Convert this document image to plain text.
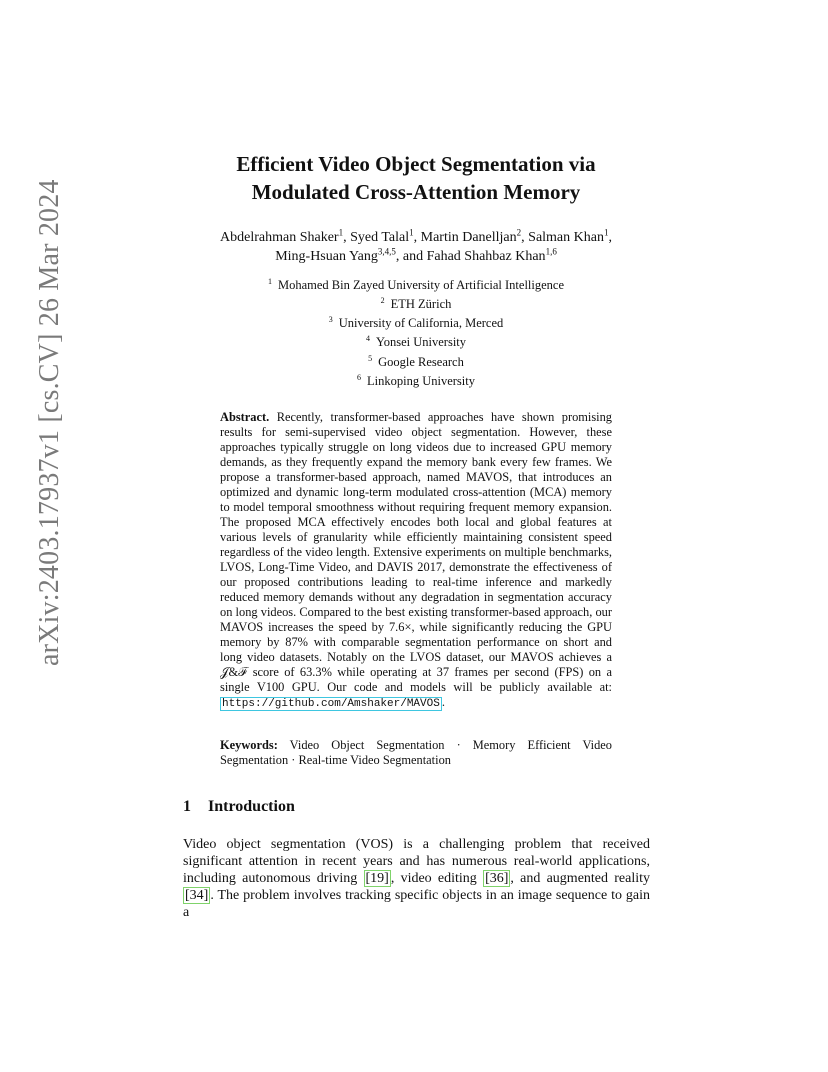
arXiv:2403.17937v1 [cs.CV] 26 Mar 2024
Efficient Video Object Segmentation via
Modulated Cross-Attention Memory
Abdelrahman Shaker$^1$, Syed Talal$^1$, Martin Danelljan$^2$, Salman Khan$^1$,
Ming-Hsuan Yang$^{3,4,5}$, and Fahad Shahbaz Khan$^{1,6}$
$^1$ Mohamed Bin Zayed University of Artificial Intelligence
$^2$ ETH Zürich
$^3$ University of California, Merced
$^4$ Yonsei University
$^5$ Google Research
$^6$ Linkoping University
Abstract. Recently, transformer-based approaches have shown promising results for semi-supervised video object segmentation. However, these approaches typically struggle on long videos due to increased GPU memory demands, as they frequently expand the memory bank every few frames. We propose a transformer-based approach, named MAVOS, that introduces an optimized and dynamic long-term modulated cross-attention (MCA) memory to model temporal smoothness without requiring frequent memory expansion. The proposed MCA effectively encodes both local and global features at various levels of granularity while efficiently maintaining consistent speed regardless of the video length. Extensive experiments on multiple benchmarks, LVOS, Long-Time Video, and DAVIS 2017, demonstrate the effectiveness of our proposed contributions leading to real-time inference and markedly reduced memory demands without any degradation in segmentation accuracy on long videos. Compared to the best existing transformer-based approach, our MAVOS increases the speed by 7.6×, while significantly reducing the GPU memory by 87% with comparable segmentation performance on short and long video datasets. Notably on the LVOS dataset, our MAVOS achieves a 𝒥&ℱ score of 63.3% while operating at 37 frames per second (FPS) on a single V100 GPU. Our code and models will be publicly available at: https://github.com/Amshaker/MAVOS .
Keywords: Video Object Segmentation · Memory Efficient Video Segmentation · Real-time Video Segmentation
1 Introduction
Video object segmentation (VOS) is a challenging problem that received significant attention in recent years and has numerous real-world applications, including autonomous driving [19] , video editing [36] , and augmented reality [34] . The problem involves tracking specific objects in an image sequence to gain a
